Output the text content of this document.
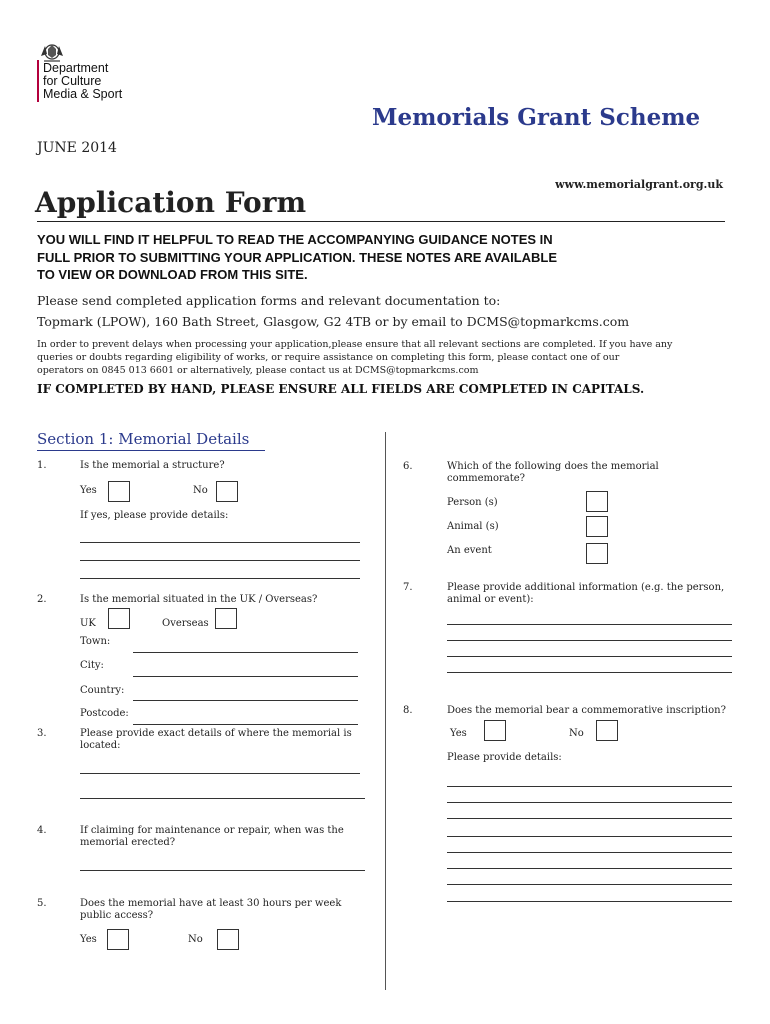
Department
for Culture
Media & Sport
Memorials Grant Scheme
JUNE 2014
www.memorialgrant.org.uk
Application Form
YOU WILL FIND IT HELPFUL TO READ THE ACCOMPANYING GUIDANCE NOTES IN
FULL PRIOR TO SUBMITTING YOUR APPLICATION. THESE NOTES ARE AVAILABLE
TO VIEW OR DOWNLOAD FROM THIS SITE.
Please send completed application forms and relevant documentation to:
Topmark (LPOW), 160 Bath Street, Glasgow, G2 4TB or by email to DCMS@topmarkcms.com
In order to prevent delays when processing your application,please ensure that all relevant sections are completed. If you have any
queries or doubts regarding eligibility of works, or require assistance on completing this form, please contact one of our
operators on 0845 013 6601 or alternatively, please contact us at DCMS@topmarkcms.com
IF COMPLETED BY HAND, PLEASE ENSURE ALL FIELDS ARE COMPLETED IN CAPITALS.
Section 1: Memorial Details
1.	Is the memorial a structure?
Yes	No
If yes, please provide details:
2.	Is the memorial situated in the UK / Overseas?
UK	Overseas
Town:
City:
Country:
Postcode:
3.	Please provide exact details of where the memorial is
located:
4.	If claiming for maintenance or repair, when was the
memorial erected?
5.	Does the memorial have at least 30 hours per week
public access?
Yes	No
6.	Which of the following does the memorial
commemorate?
Person (s)
Animal (s)
An event
7.	Please provide additional information (e.g. the person,
animal or event):
8.	Does the memorial bear a commemorative inscription?
Yes	No
Please provide details:
